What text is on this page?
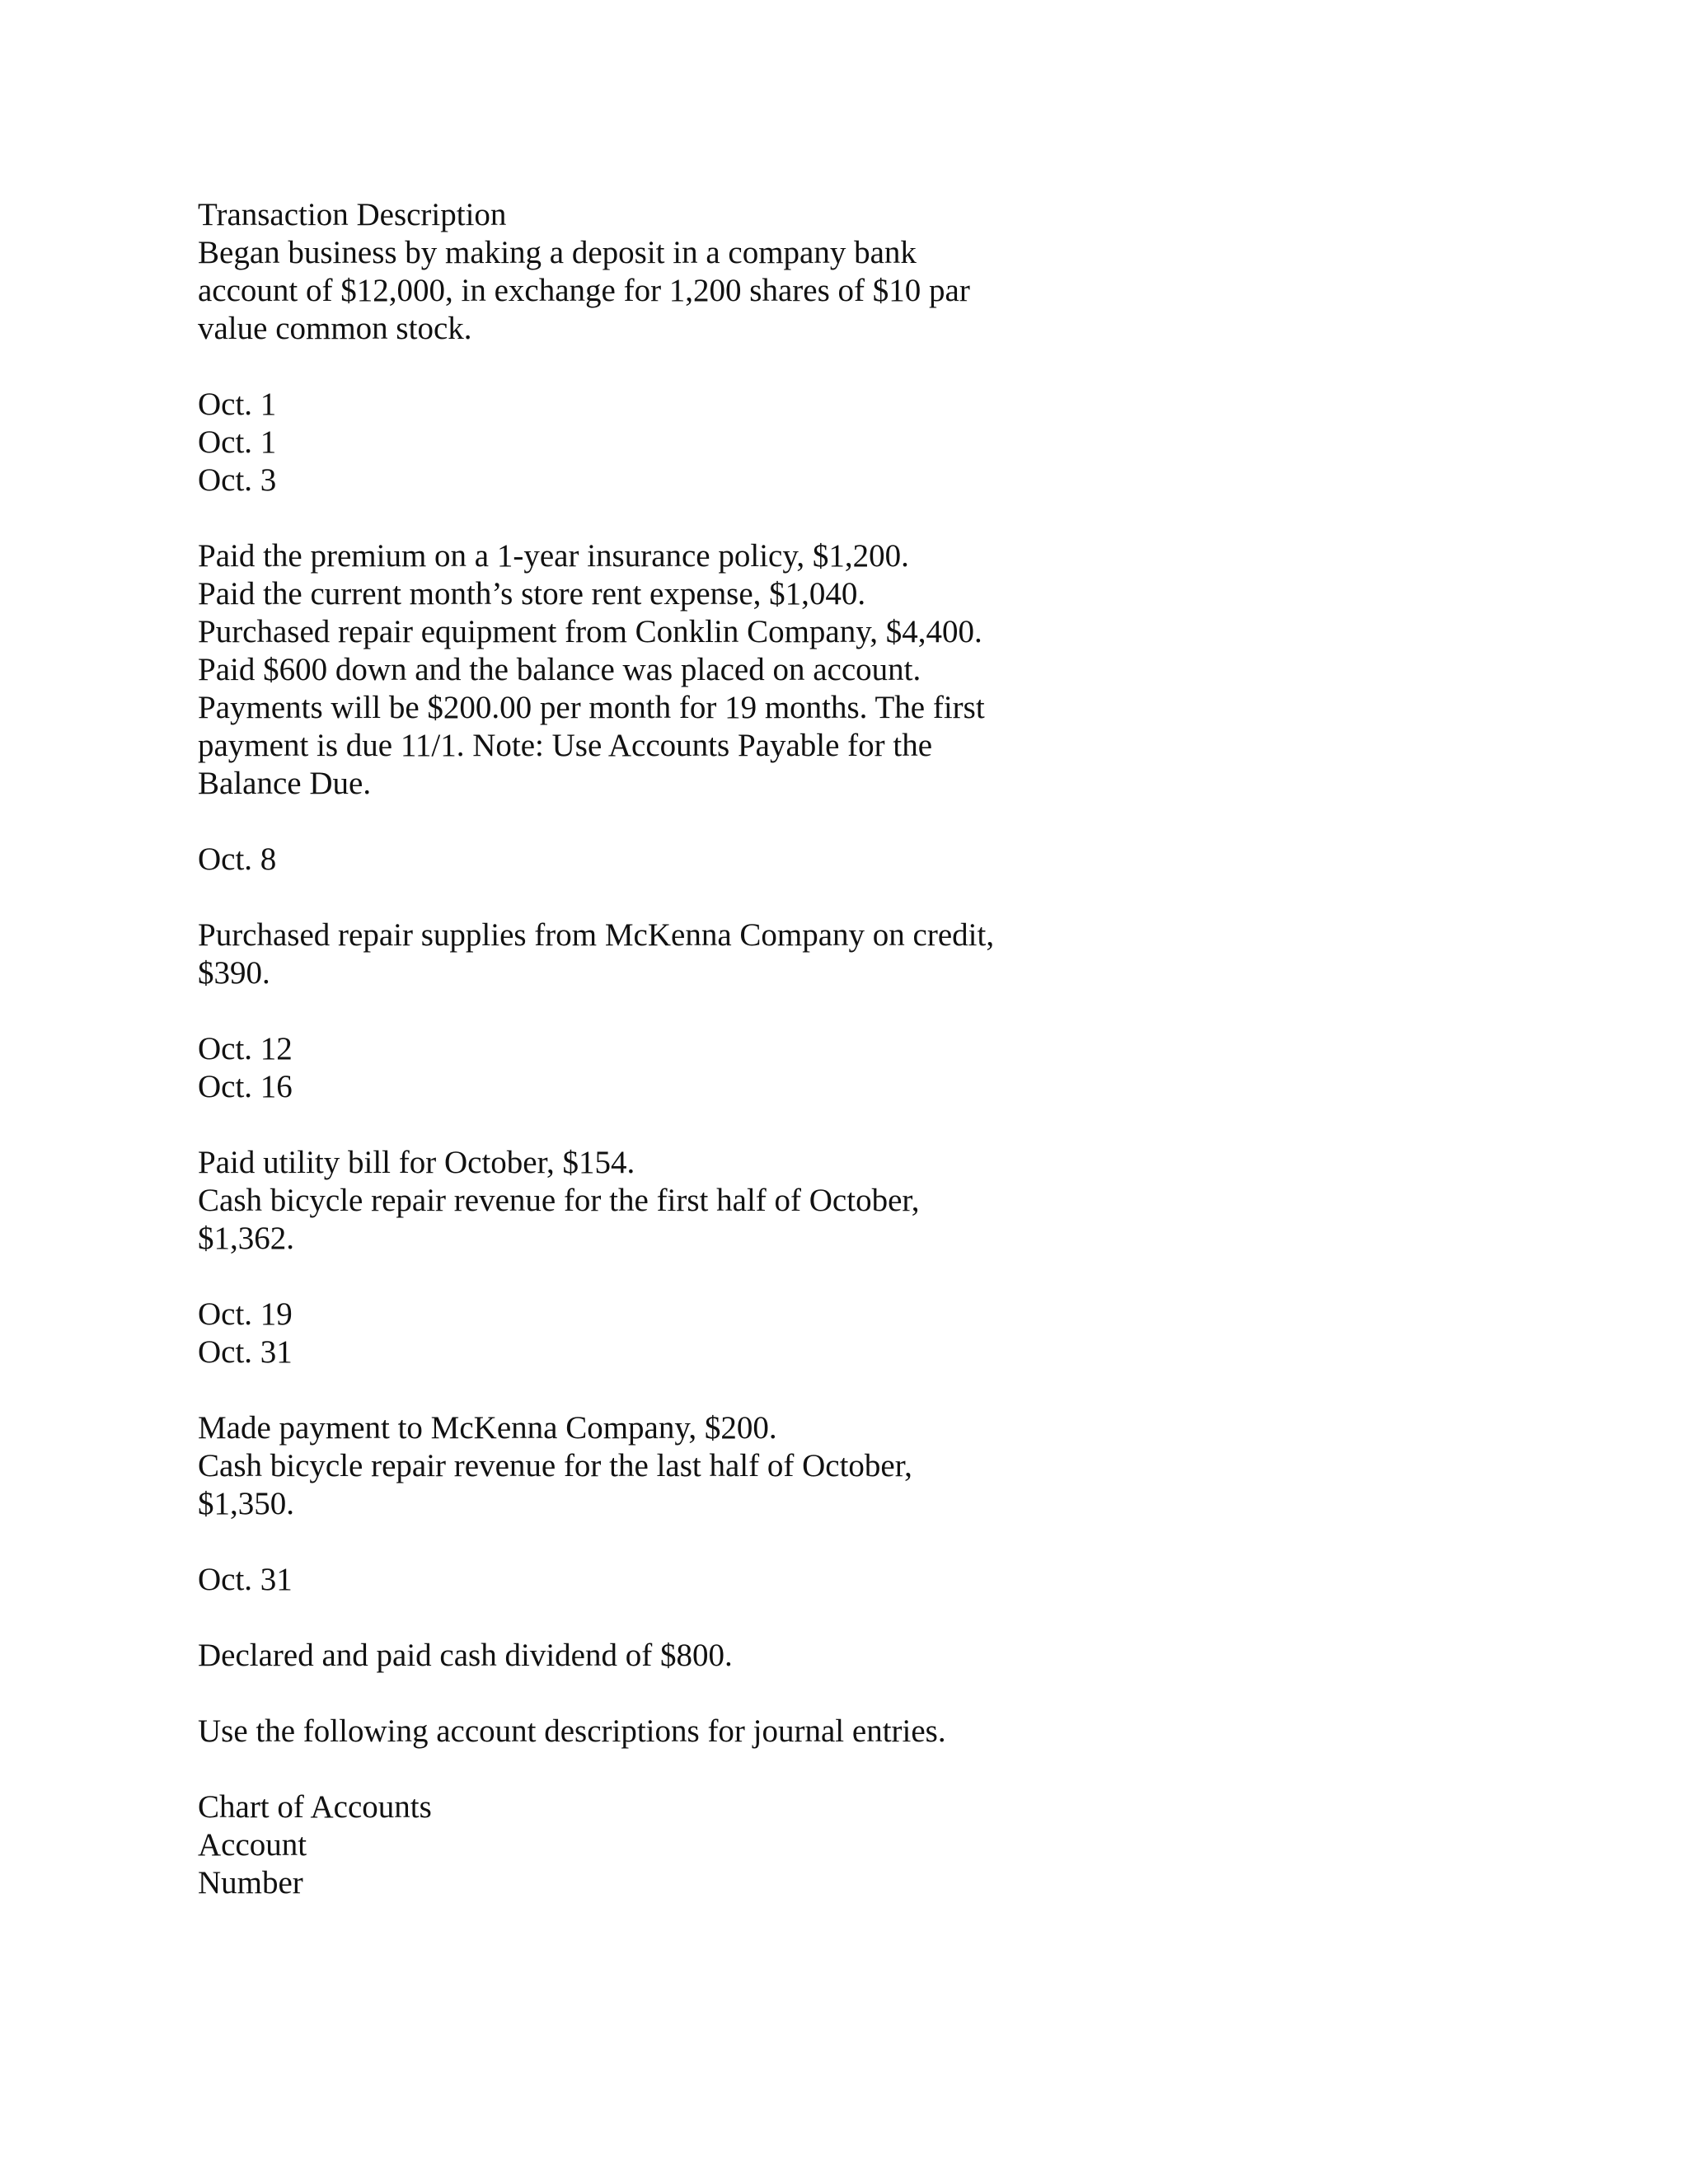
Transaction Description
Began business by making a deposit in a company bank
account of $12,000, in exchange for 1,200 shares of $10 par
value common stock.

Oct. 1
Oct. 1
Oct. 3

Paid the premium on a 1-year insurance policy, $1,200.
Paid the current month’s store rent expense, $1,040.
Purchased repair equipment from Conklin Company, $4,400.
Paid $600 down and the balance was placed on account.
Payments will be $200.00 per month for 19 months. The first
payment is due 11/1. Note: Use Accounts Payable for the
Balance Due.

Oct. 8

Purchased repair supplies from McKenna Company on credit,
$390.

Oct. 12
Oct. 16

Paid utility bill for October, $154.
Cash bicycle repair revenue for the first half of October,
$1,362.

Oct. 19
Oct. 31

Made payment to McKenna Company, $200.
Cash bicycle repair revenue for the last half of October,
$1,350.

Oct. 31

Declared and paid cash dividend of $800.

Use the following account descriptions for journal entries.

Chart of Accounts
Account
Number
